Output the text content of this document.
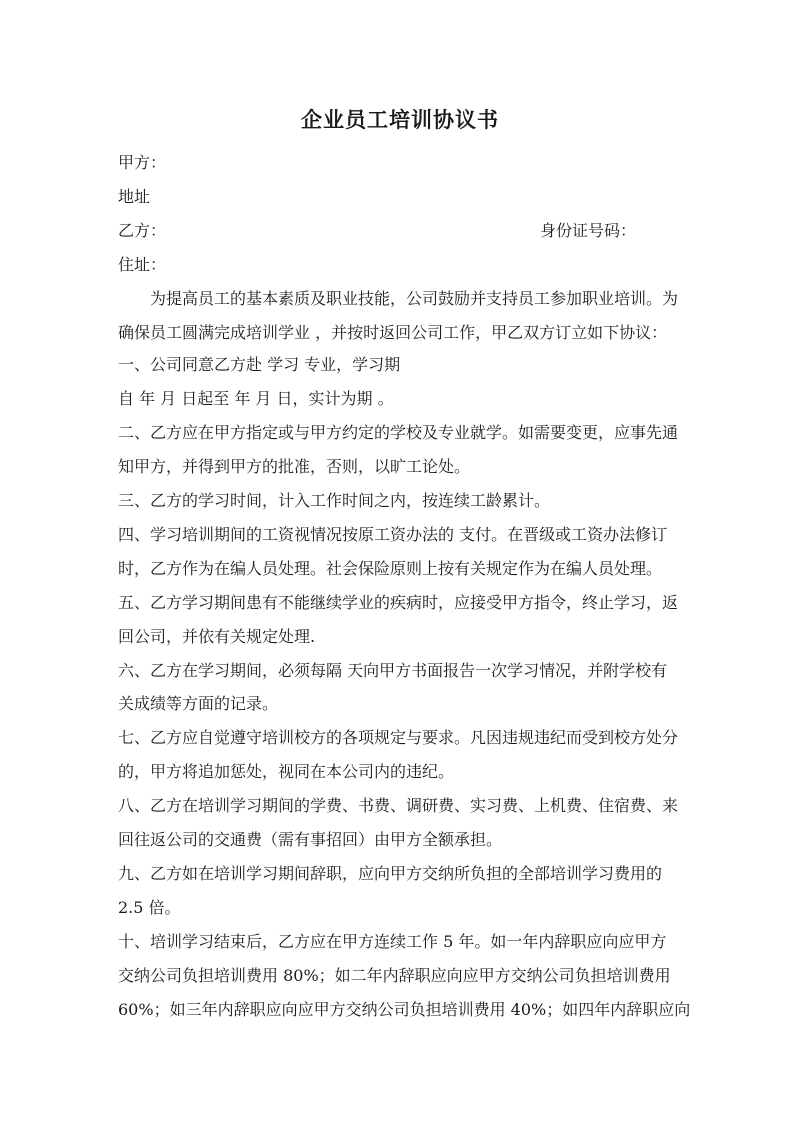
企业员工培训协议书
甲方：
地址
乙方：	身份证号码：
住址：
为提高员工的基本素质及职业技能，公司鼓励并支持员工参加职业培训。为
确保员工圆满完成培训学业 ，并按时返回公司工作，甲乙双方订立如下协议：
一、公司同意乙方赴 学习 专业，学习期
自 年 月 日起至 年 月 日，实计为期 。
二、乙方应在甲方指定或与甲方约定的学校及专业就学。如需要变更，应事先通
知甲方，并得到甲方的批准，否则，以旷工论处。
三、乙方的学习时间，计入工作时间之内，按连续工龄累计。
四、学习培训期间的工资视情况按原工资办法的 支付。在晋级或工资办法修订
时，乙方作为在编人员处理。社会保险原则上按有关规定作为在编人员处理。
五、乙方学习期间患有不能继续学业的疾病时，应接受甲方指令，终止学习，返
回公司，并依有关规定处理.
六、乙方在学习期间，必须每隔 天向甲方书面报告一次学习情况，并附学校有
关成绩等方面的记录。
七、乙方应自觉遵守培训校方的各项规定与要求。凡因违规违纪而受到校方处分
的，甲方将追加惩处，视同在本公司内的违纪。
八、乙方在培训学习期间的学费、书费、调研费、实习费、上机费、住宿费、来
回往返公司的交通费（需有事招回）由甲方全额承担。
九、乙方如在培训学习期间辞职，应向甲方交纳所负担的全部培训学习费用的
2.5 倍。
十、培训学习结束后，乙方应在甲方连续工作 5 年。如一年内辞职应向应甲方
交纳公司负担培训费用 80%；如二年内辞职应向应甲方交纳公司负担培训费用
60%；如三年内辞职应向应甲方交纳公司负担培训费用 40%；如四年内辞职应向
